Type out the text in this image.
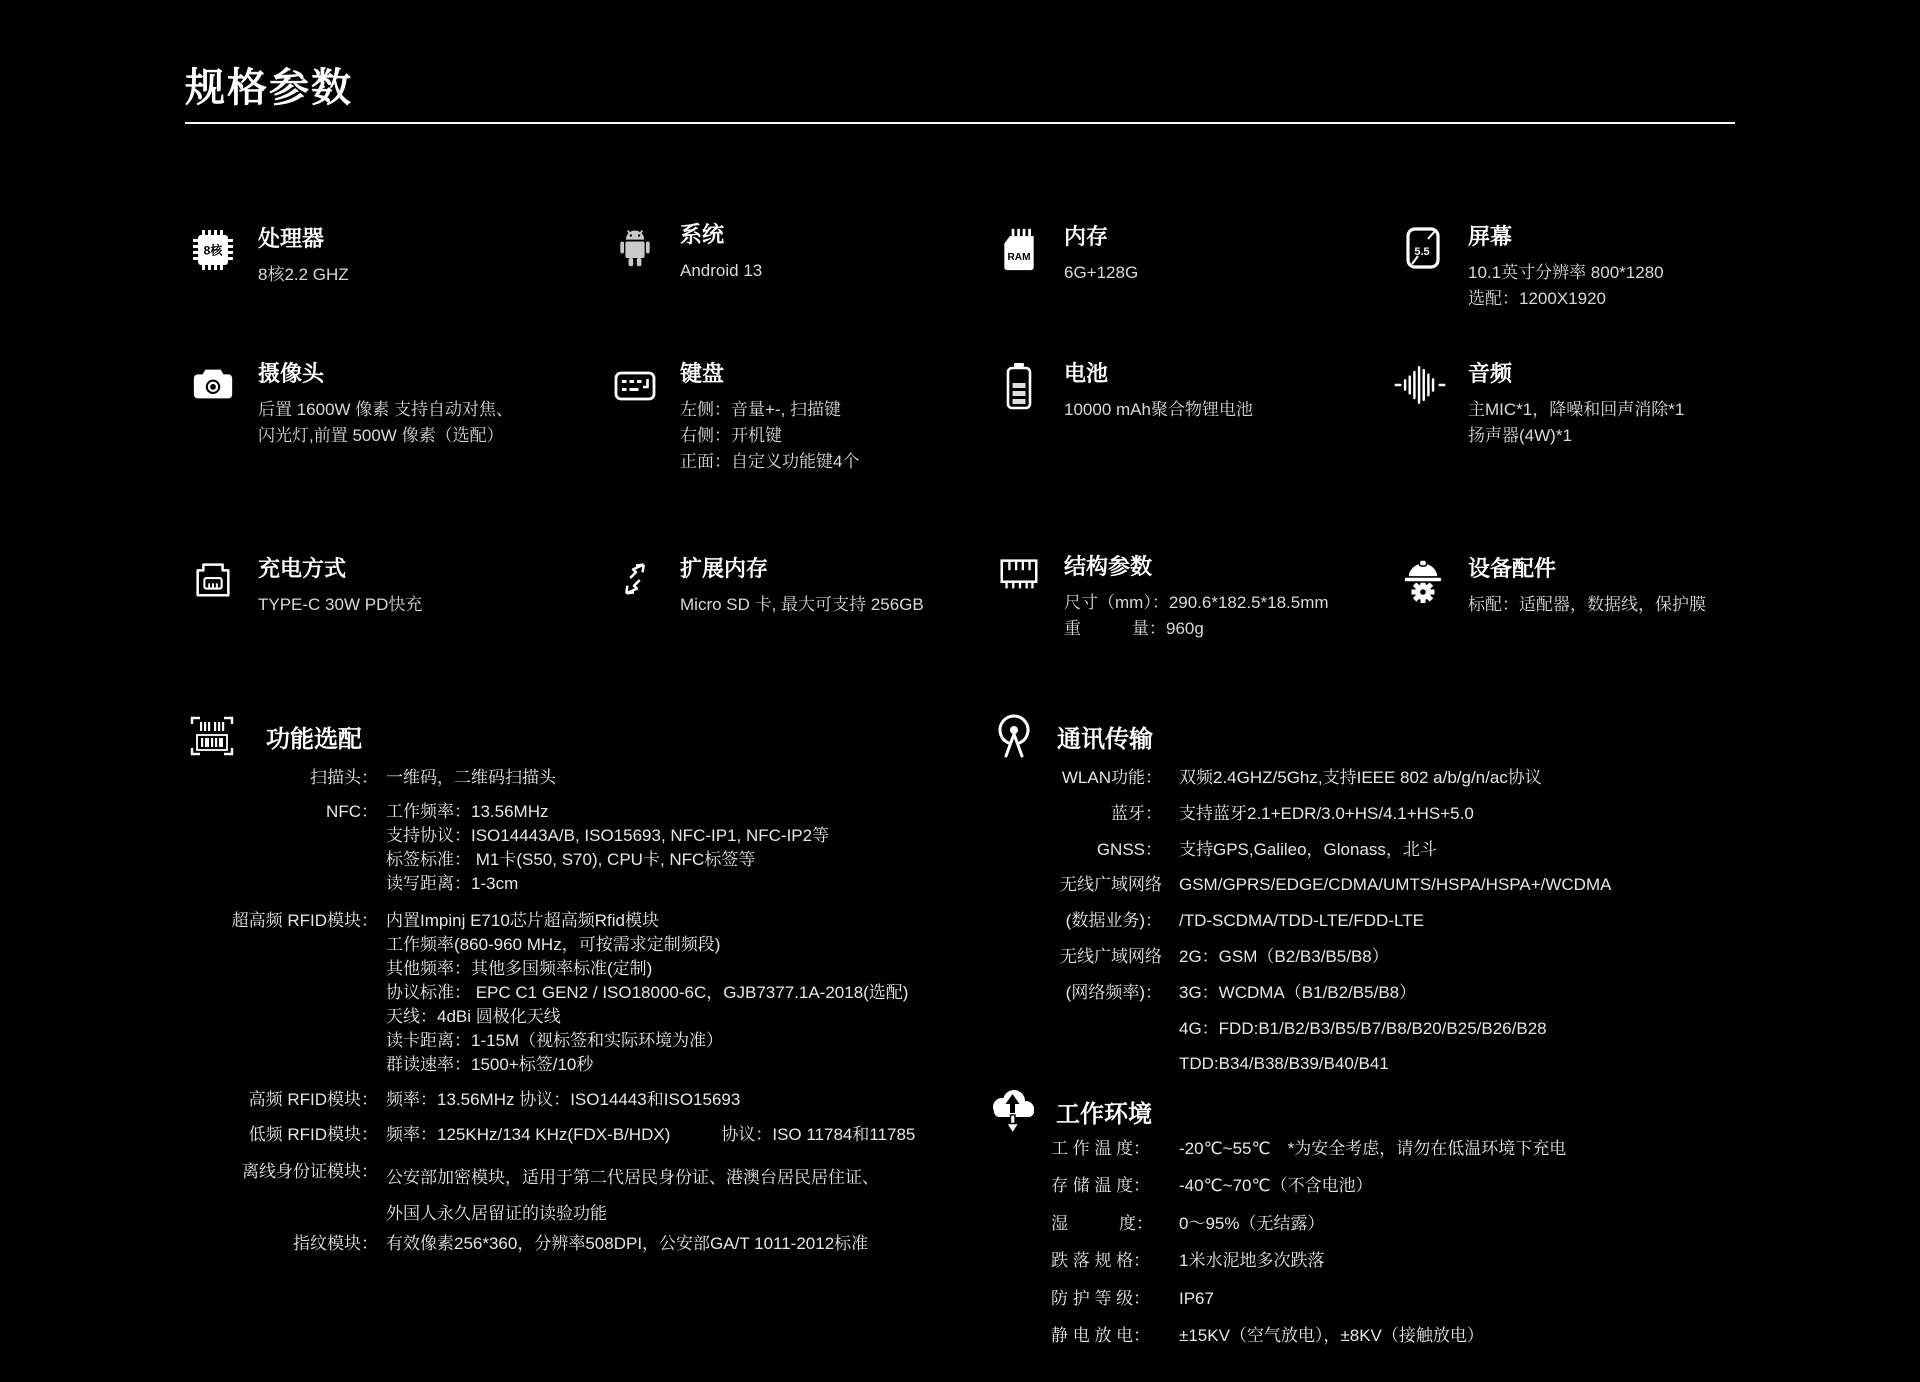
规格参数
8核 处理器
8核2.2 GHZ
系统
Android 13
RAM
内存
6G+128G
5.5
屏幕
10.1英寸分辨率 800*1280
选配：1200X1920
摄像头
后置 1600W 像素 支持自动对焦、
闪光灯,前置 500W 像素（选配）
键盘
左侧：音量+-, 扫描键
右侧：开机键
正面：自定义功能键4个
电池
10000 mAh聚合物锂电池
音频
主MIC*1，降噪和回声消除*1
扬声器(4W)*1
充电方式
TYPE-C 30W PD快充
扩展内存
Micro SD 卡, 最大可支持 256GB
结构参数
尺寸（mm）：290.6*182.5*18.5mm
重　　　量：960g
设备配件
标配：适配器，数据线，保护膜
功能选配
扫描头： 一维码，二维码扫描头
NFC： 工作频率：13.56MHz
支持协议：ISO14443A/B, ISO15693, NFC-IP1, NFC-IP2等
标签标准： M1卡(S50, S70), CPU卡, NFC标签等
读写距离：1-3cm
超高频 RFID模块： 内置Impinj E710芯片超高频Rfid模块
工作频率(860-960 MHz，可按需求定制频段)
其他频率：其他多国频率标准(定制)
协议标准： EPC C1 GEN2 / ISO18000-6C，GJB7377.1A-2018(选配)
天线：4dBi 圆极化天线
读卡距离：1-15M（视标签和实际环境为准）
群读速率：1500+标签/10秒
高频 RFID模块： 频率：13.56MHz 协议：ISO14443和ISO15693
低频 RFID模块： 频率：125KHz/134 KHz(FDX-B/HDX)　　　协议：ISO 11784和11785
离线身份证模块： 公安部加密模块，适用于第二代居民身份证、港澳台居民居住证、
外国人永久居留证的读验功能
指纹模块： 有效像素256*360，分辨率508DPI，公安部GA/T 1011-2012标准
通讯传输
WLAN功能： 双频2.4GHZ/5Ghz,支持IEEE 802 a/b/g/n/ac协议
蓝牙： 支持蓝牙2.1+EDR/3.0+HS/4.1+HS+5.0
GNSS： 支持GPS,Galileo，Glonass，北斗
无线广域网络 GSM/GPRS/EDGE/CDMA/UMTS/HSPA/HSPA+/WCDMA
(数据业务)： /TD-SCDMA/TDD-LTE/FDD-LTE
无线广域网络 2G：GSM（B2/B3/B5/B8）
(网络频率)： 3G：WCDMA（B1/B2/B5/B8）
4G：FDD:B1/B2/B3/B5/B7/B8/B20/B25/B26/B28
TDD:B34/B38/B39/B40/B41
工作环境
工 作 温 度：	-20℃~55℃　*为安全考虑，请勿在低温环境下充电
存 储 温 度：	-40℃~70℃（不含电池）
湿　　　度：	0～95%（无结露）
跌 落 规 格：	1米水泥地多次跌落
防 护 等 级：	IP67
静 电 放 电：	±15KV（空气放电），±8KV（接触放电）
